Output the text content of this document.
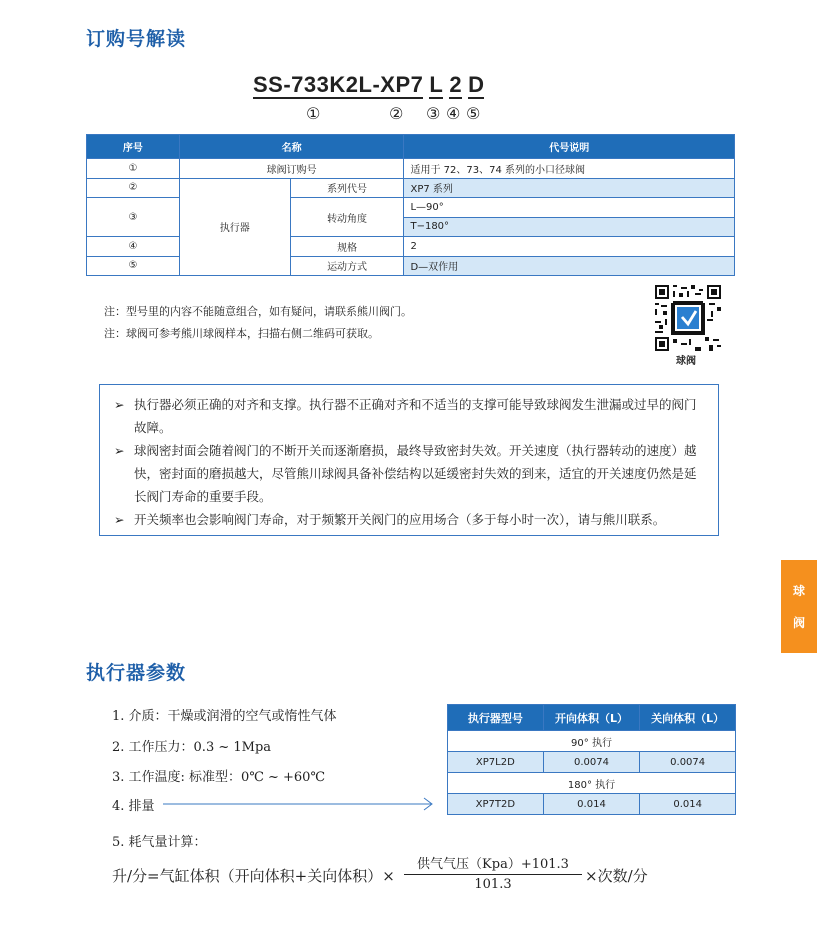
订购号解读
SS-733K2L-XP7 L 2 D
①	② ③ ④ ⑤
序号	名称		代号说明
①	球阀订购号		适用于 72、73、74 系列的小口径球阀
②	执行器	系列代号	XP7 系列
③		转动角度	L—90°
			T−180°
④		规格	2
⑤		运动方式	D—双作用
注：型号里的内容不能随意组合，如有疑问，请联系熊川阀门。
注：球阀可参考熊川球阀样本，扫描右侧二维码可获取。
球阀
➢ 执行器必须正确的对齐和支撑。执行器不正确对齐和不适当的支撑可能导致球阀发生泄漏或过早的阀门故障。
➢ 球阀密封面会随着阀门的不断开关而逐渐磨损，最终导致密封失效。开关速度（执行器转动的速度）越快，密封面的磨损越大，尽管熊川球阀具备补偿结构以延缓密封失效的到来，适宜的开关速度仍然是延长阀门寿命的重要手段。
➢ 开关频率也会影响阀门寿命，对于频繁开关阀门的应用场合（多于每小时一次），请与熊川联系。
球
阀
执行器参数
1. 介质：干燥或润滑的空气或惰性气体
2. 工作压力：0.3 ~ 1Mpa
3. 工作温度: 标准型：0℃ ~ +60℃
4. 排量
5. 耗气量计算：
执行器型号	开向体积（L）	关向体积（L）
90° 执行		
XP7L2D	0.0074	0.0074
180° 执行		
XP7T2D	0.014	0.014
升/分=气缸体积（开向体积+关向体积）×
供气气压（Kpa）+101.3
101.3	×次数/分
